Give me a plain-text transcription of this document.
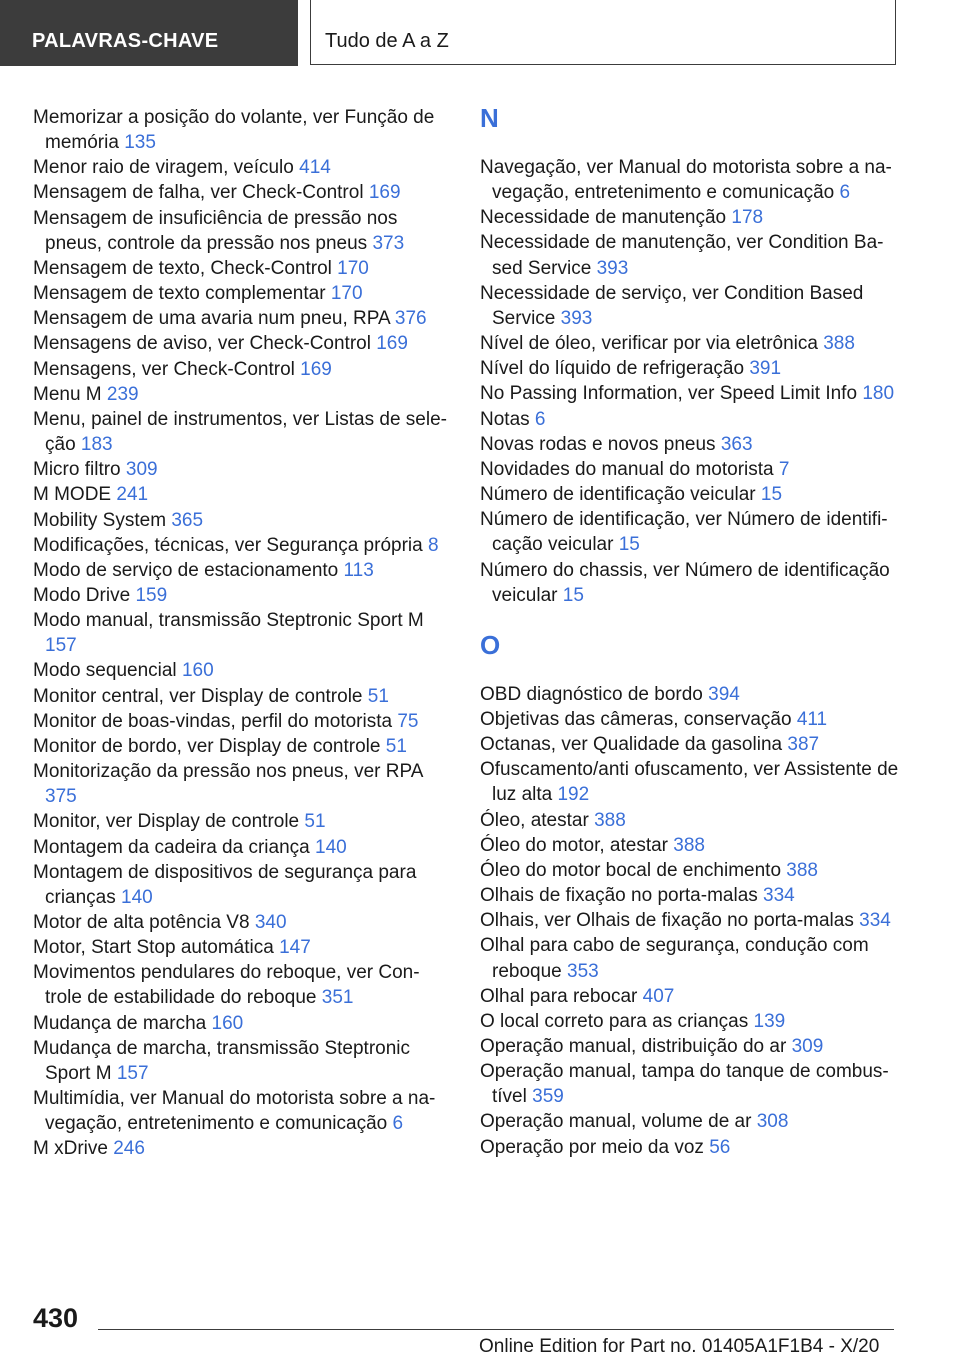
PALAVRAS-CHAVE	Tudo de A a Z
Memorizar a posição do volante, ver Função de memória 135
Menor raio de viragem, veículo 414
Mensagem de falha, ver Check-Control 169
Mensagem de insuficiência de pressão nos pneus, controle da pressão nos pneus 373
Mensagem de texto, Check-Control 170
Mensagem de texto complementar 170
Mensagem de uma avaria num pneu, RPA 376
Mensagens de aviso, ver Check-Control 169
Mensagens, ver Check-Control 169
Menu M 239
Menu, painel de instrumentos, ver Listas de sele-ção 183
Micro filtro 309
M MODE 241
Mobility System 365
Modificações, técnicas, ver Segurança própria 8
Modo de serviço de estacionamento 113
Modo Drive 159
Modo manual, transmissão Steptronic Sport M 157
Modo sequencial 160
Monitor central, ver Display de controle 51
Monitor de boas-vindas, perfil do motorista 75
Monitor de bordo, ver Display de controle 51
Monitorização da pressão nos pneus, ver RPA 375
Monitor, ver Display de controle 51
Montagem da cadeira da criança 140
Montagem de dispositivos de segurança para crianças 140
Motor de alta potência V8 340
Motor, Start Stop automática 147
Movimentos pendulares do reboque, ver Con-trole de estabilidade do reboque 351
Mudança de marcha 160
Mudança de marcha, transmissão Steptronic Sport M 157
Multimídia, ver Manual do motorista sobre a na-vegação, entretenimento e comunicação 6
M xDrive 246
N
Navegação, ver Manual do motorista sobre a na-vegação, entretenimento e comunicação 6
Necessidade de manutenção 178
Necessidade de manutenção, ver Condition Ba-sed Service 393
Necessidade de serviço, ver Condition Based Service 393
Nível de óleo, verificar por via eletrônica 388
Nível do líquido de refrigeração 391
No Passing Information, ver Speed Limit Info 180
Notas 6
Novas rodas e novos pneus 363
Novidades do manual do motorista 7
Número de identificação veicular 15
Número de identificação, ver Número de identifi-cação veicular 15
Número do chassis, ver Número de identificação veicular 15
O
OBD diagnóstico de bordo 394
Objetivas das câmeras, conservação 411
Octanas, ver Qualidade da gasolina 387
Ofuscamento/anti ofuscamento, ver Assistente de luz alta 192
Óleo, atestar 388
Óleo do motor, atestar 388
Óleo do motor bocal de enchimento 388
Olhais de fixação no porta-malas 334
Olhais, ver Olhais de fixação no porta-malas 334
Olhal para cabo de segurança, condução com reboque 353
Olhal para rebocar 407
O local correto para as crianças 139
Operação manual, distribuição do ar 309
Operação manual, tampa do tanque de combus-tível 359
Operação manual, volume de ar 308
Operação por meio da voz 56
430
Online Edition for Part no. 01405A1F1B4 - X/20
